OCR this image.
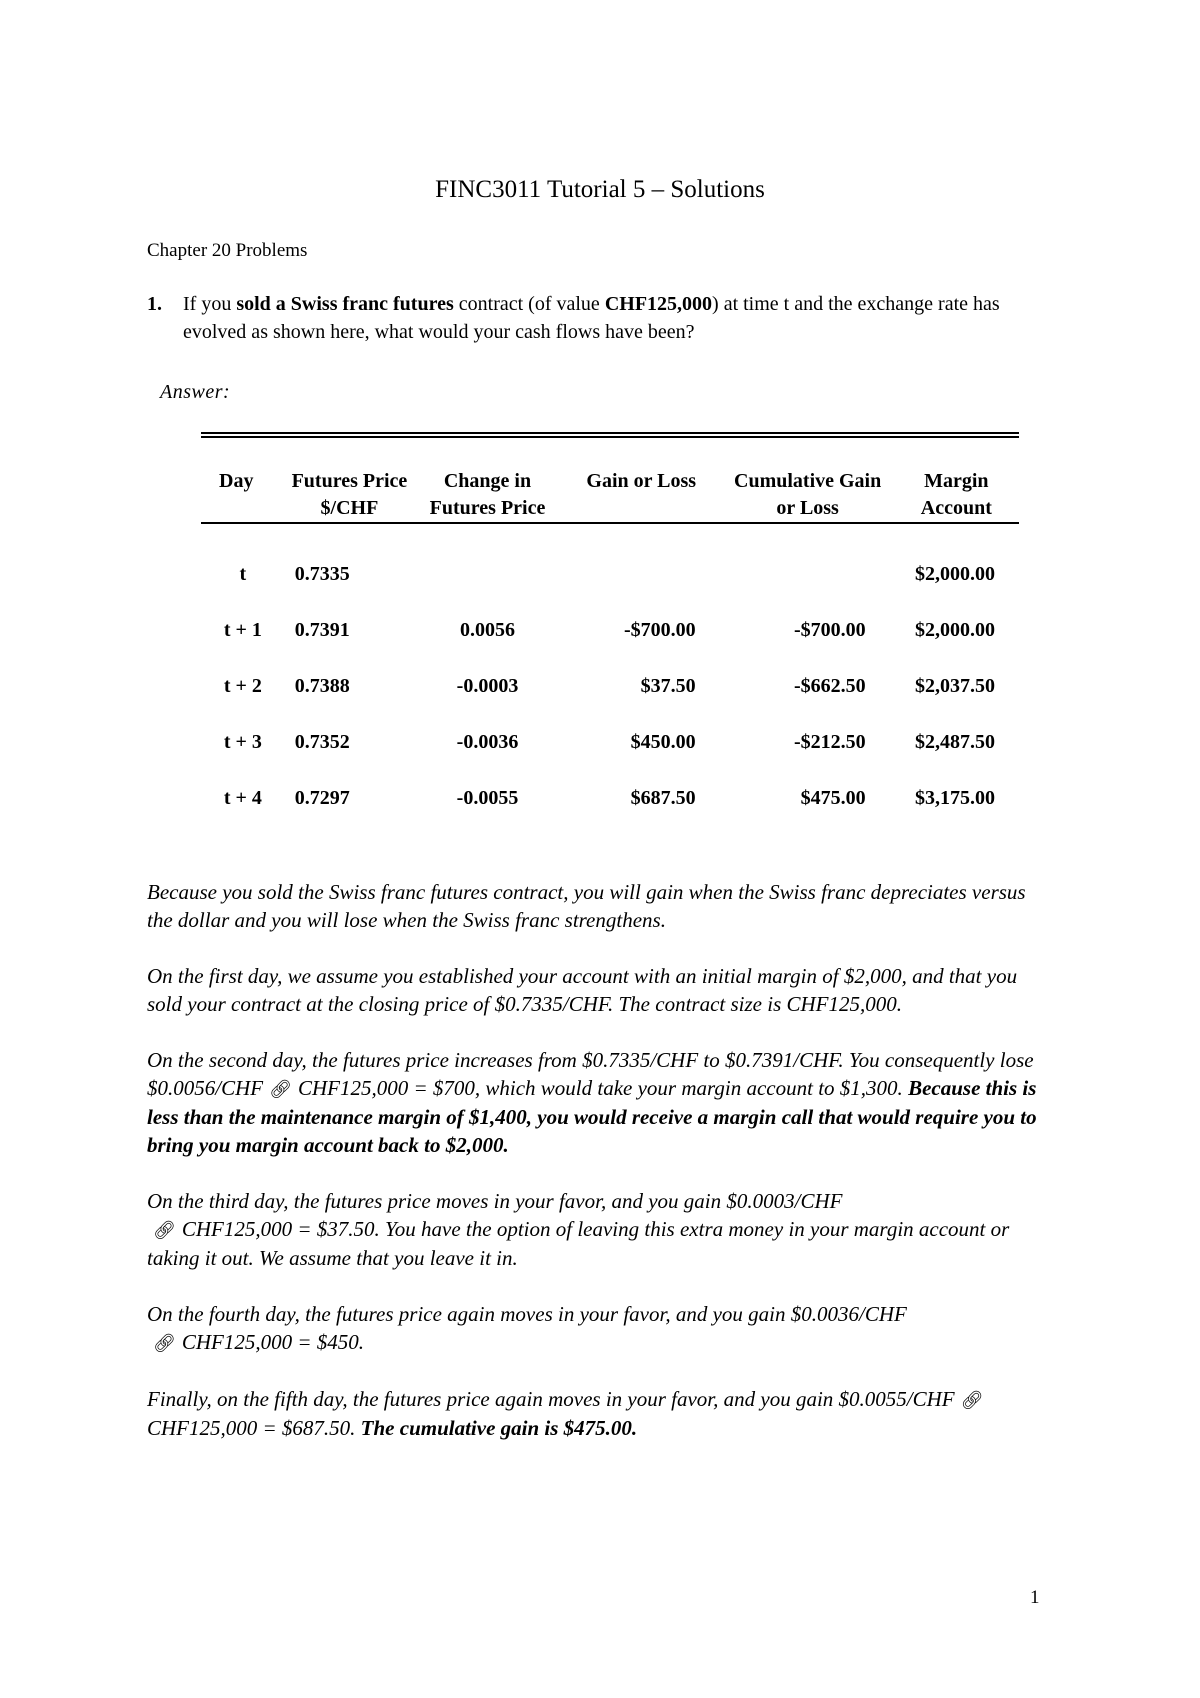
FINC3011 Tutorial 5 – Solutions
Chapter 20 Problems
1. If you sold a Swiss franc futures contract (of value CHF125,000) at time t and the exchange rate has evolved as shown here, what would your cash flows have been?
Answer:
Day	Futures Price $/CHF	Change in Futures Price	Gain or Loss	Cumulative Gain or Loss	Margin Account
t	0.7335				$2,000.00
t + 1	0.7391	0.0056	-$700.00	-$700.00	$2,000.00
t + 2	0.7388	-0.0003	$37.50	-$662.50	$2,037.50
t + 3	0.7352	-0.0036	$450.00	-$212.50	$2,487.50
t + 4	0.7297	-0.0055	$687.50	$475.00	$3,175.00

Because you sold the Swiss franc futures contract, you will gain when the Swiss franc depreciates versus the dollar and you will lose when the Swiss franc strengthens.

On the first day, we assume you established your account with an initial margin of $2,000, and that you sold your contract at the closing price of $0.7335/CHF. The contract size is CHF125,000.

On the second day, the futures price increases from $0.7335/CHF to $0.7391/CHF. You consequently lose $0.0056/CHF 🔗︎ CHF125,000 = $700, which would take your margin account to $1,300. Because this is less than the maintenance margin of $1,400, you would receive a margin call that would require you to bring you margin account back to $2,000.

On the third day, the futures price moves in your favor, and you gain $0.0003/CHF
🔗︎ CHF125,000 = $37.50. You have the option of leaving this extra money in your margin account or taking it out. We assume that you leave it in.

On the fourth day, the futures price again moves in your favor, and you gain $0.0036/CHF
🔗︎ CHF125,000 = $450.

Finally, on the fifth day, the futures price again moves in your favor, and you gain $0.0055/CHF 🔗︎CHF125,000 = $687.50. The cumulative gain is $475.00.

1
